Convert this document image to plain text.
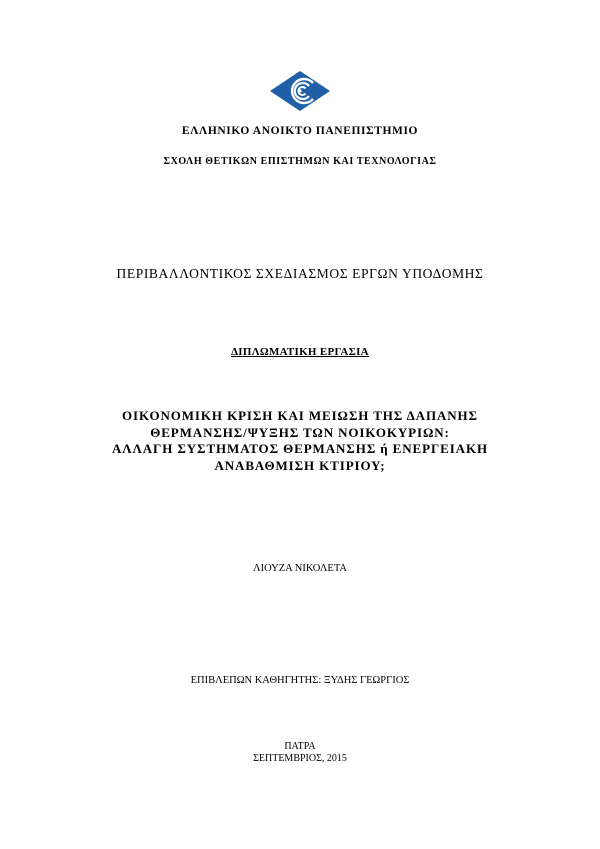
ΕΛΛΗΝΙΚΟ ΑΝΟΙΚΤΟ ΠΑΝΕΠΙΣΤΗΜΙΟ
ΣΧΟΛΗ ΘΕΤΙΚΩΝ ΕΠΙΣΤΗΜΩΝ ΚΑΙ ΤΕΧΝΟΛΟΓΙΑΣ
ΠΕΡΙΒΑΛΛΟΝΤΙΚΟΣ ΣΧΕΔΙΑΣΜΟΣ ΕΡΓΩΝ ΥΠΟΔΟΜΗΣ
ΔΙΠΛΩΜΑΤΙΚΗ ΕΡΓΑΣΙΑ
ΟΙΚΟΝΟΜΙΚΗ ΚΡΙΣΗ ΚΑΙ ΜΕΙΩΣΗ ΤΗΣ ΔΑΠΑΝΗΣ
ΘΕΡΜΑΝΣΗΣ/ΨΥΞΗΣ ΤΩΝ ΝΟΙΚΟΚΥΡΙΩΝ:
ΑΛΛΑΓΗ ΣΥΣΤΗΜΑΤΟΣ ΘΕΡΜΑΝΣΗΣ ή ΕΝΕΡΓΕΙΑΚΗ
ΑΝΑΒΑΘΜΙΣΗ ΚΤΙΡΙΟΥ;
ΛΙΟΥΖΑ ΝΙΚΟΛΕΤΑ
ΕΠΙΒΛΕΠΩΝ ΚΑΘΗΓΗΤΗΣ: ΞΥΔΗΣ ΓΕΩΡΓΙΟΣ
ΠΑΤΡΑ
ΣΕΠΤΕΜΒΡΙΟΣ, 2015
